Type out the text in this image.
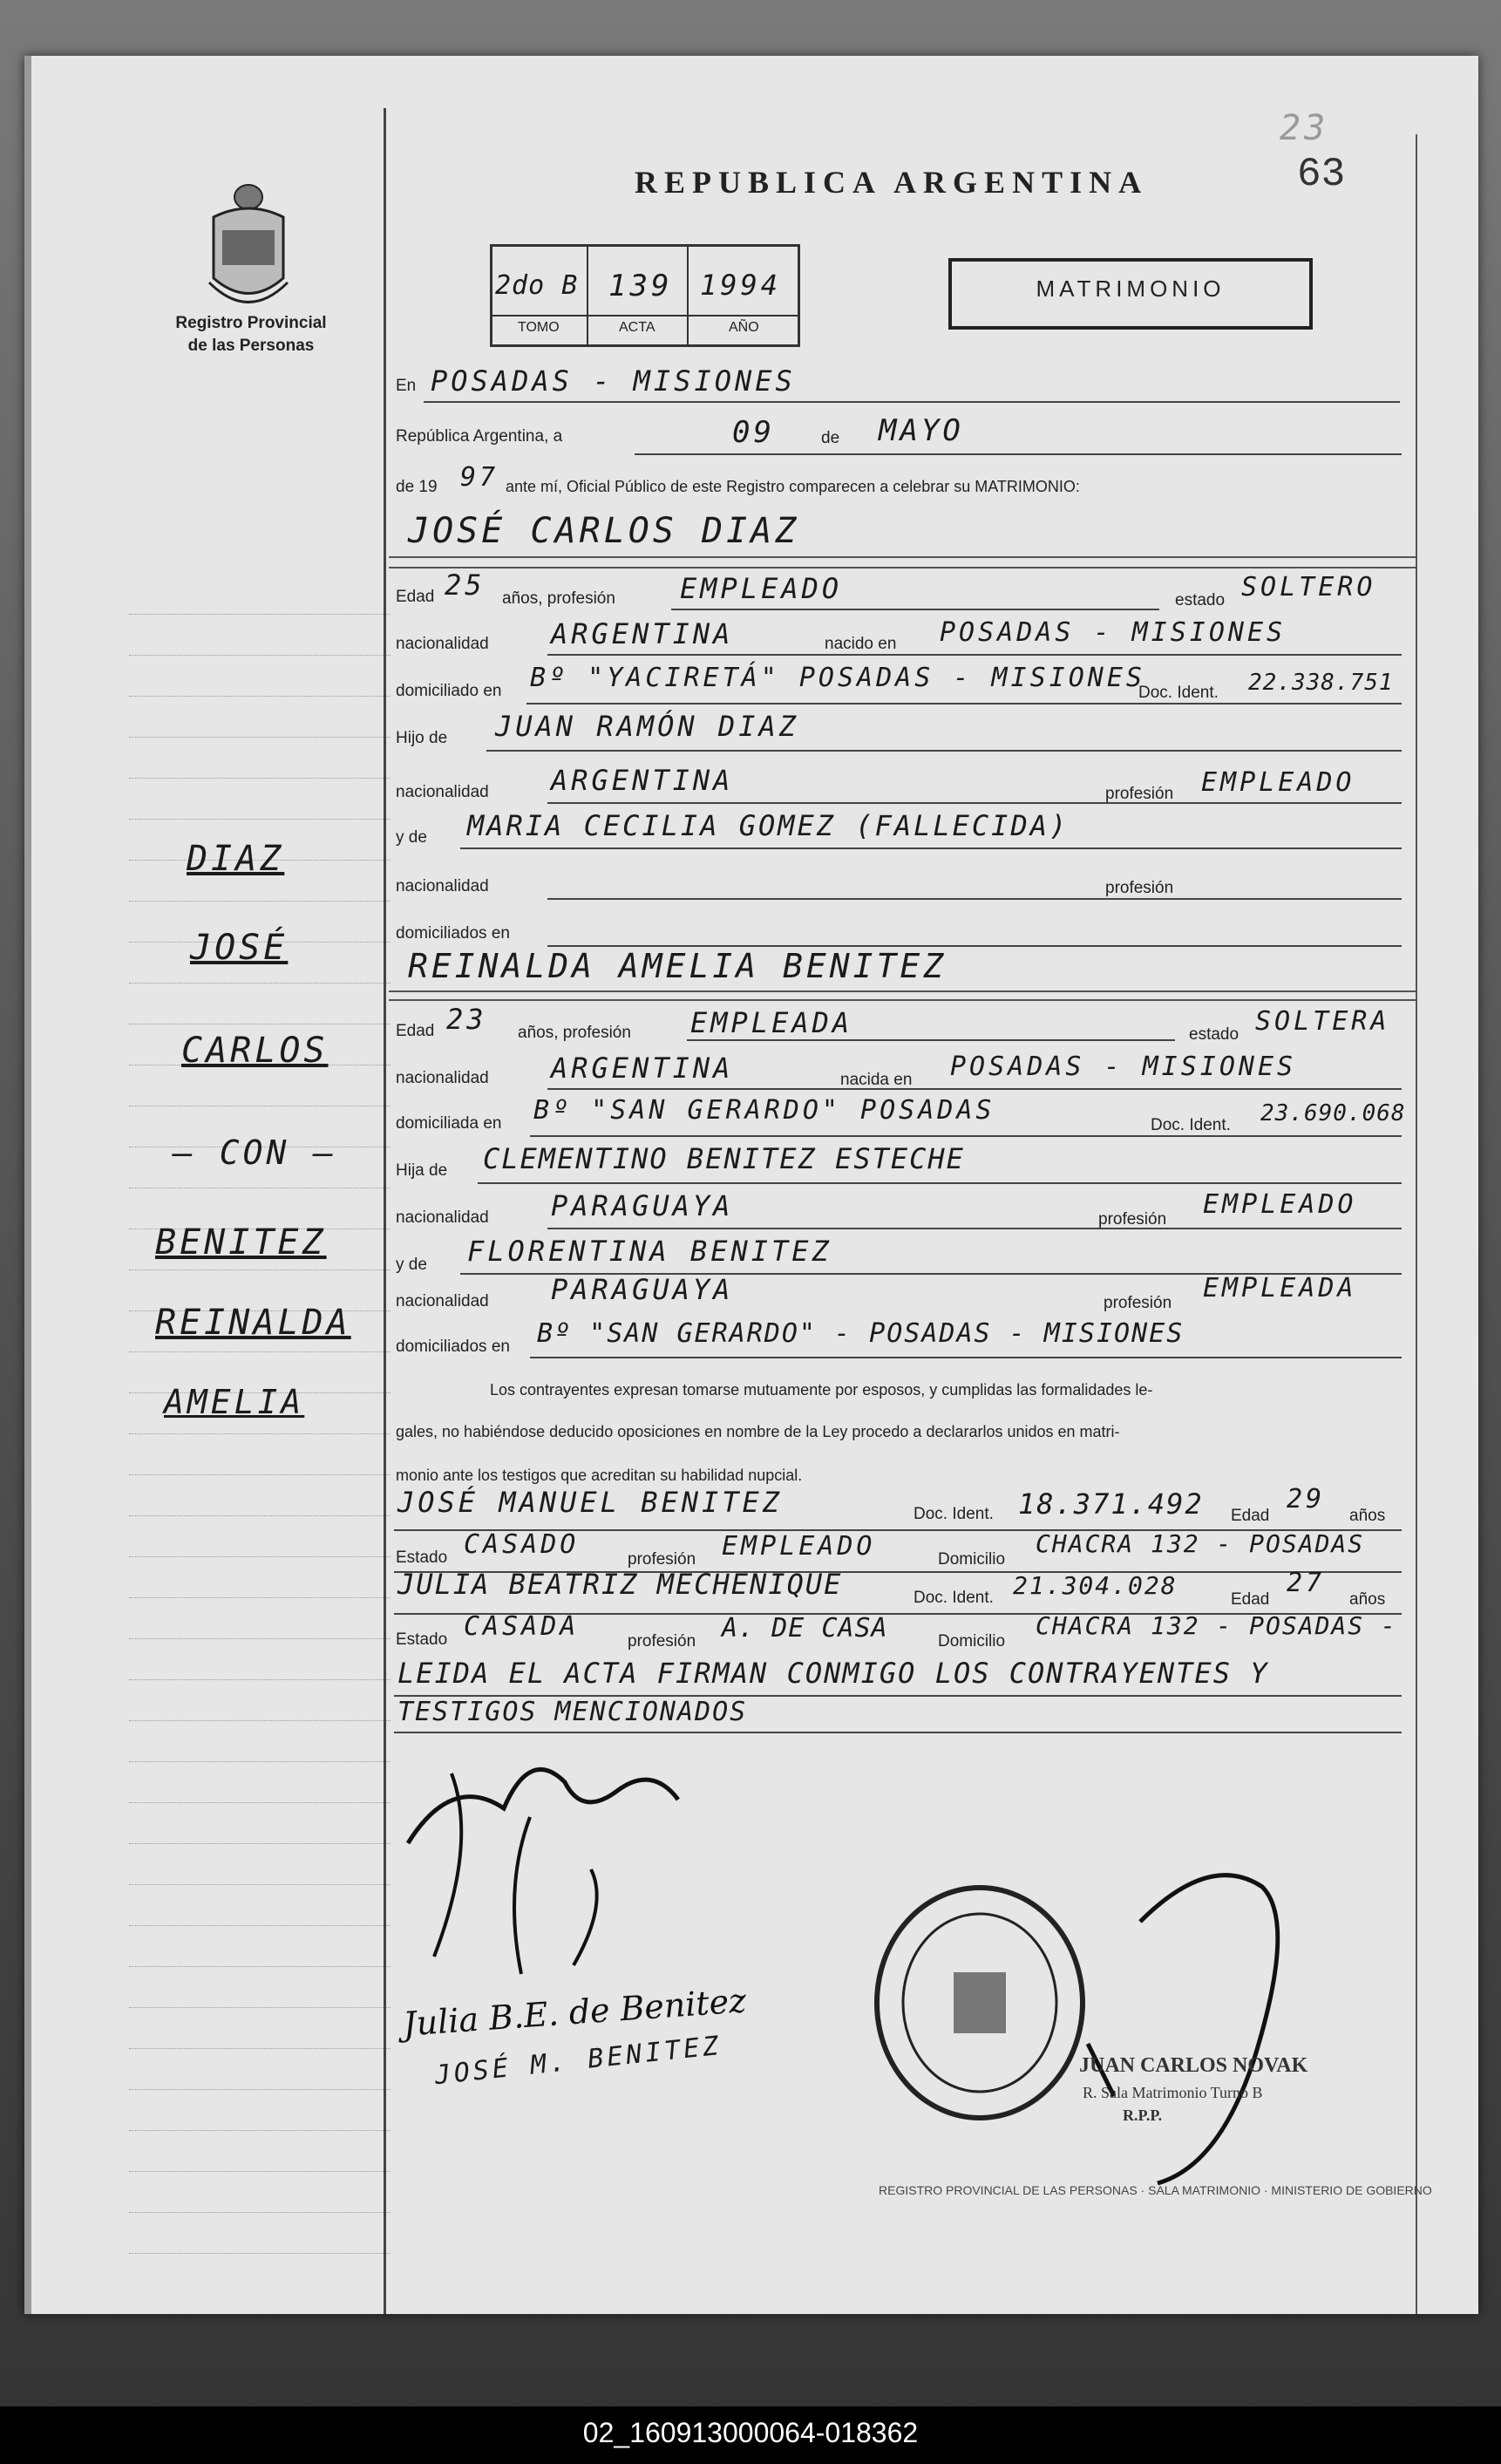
Registro Provincial
de las Personas
REPUBLICA ARGENTINA
23
63
2do B 139 1994
TOMO	ACTA	AÑO
MATRIMONIO
En POSADAS - MISIONES
República Argentina, a	09	de MAYO
de 19 97 ante mí, Oficial Público de este Registro comparecen a celebrar su MATRIMONIO:
JOSÉ CARLOS DIAZ
Edad 25 años, profesión EMPLEADO	estado SOLTERO
nacionalidad ARGENTINA	nacido en POSADAS - MISIONES
domiciliado en Bº "YACIRETÁ" POSADAS - MISIONES
Doc. Ident. 22.338.751
Hijo de JUAN RAMÓN DIAZ
nacionalidad ARGENTINA	profesión EMPLEADO
y de MARIA CECILIA GOMEZ (FALLECIDA)
nacionalidad	profesión
domiciliados en
REINALDA AMELIA BENITEZ
Edad 23 años, profesión EMPLEADA	estado SOLTERA
nacionalidad ARGENTINA	nacida en POSADAS - MISIONES
domiciliada en Bº "SAN GERARDO" POSADAS	Doc. Ident. 23.690.068
Hija de CLEMENTINO BENITEZ ESTECHE
nacionalidad PARAGUAYA	profesión EMPLEADO
y de FLORENTINA BENITEZ
nacionalidad PARAGUAYA	profesión EMPLEADA
domiciliados en Bº "SAN GERARDO" - POSADAS - MISIONES
Los contrayentes expresan tomarse mutuamente por esposos, y cumplidas las formalidades le-
gales, no habiéndose deducido oposiciones en nombre de la Ley procedo a declararlos unidos en matri-
monio ante los testigos que acreditan su habilidad nupcial.
JOSÉ MANUEL BENITEZ	Doc. Ident. 18.371.492 Edad
29
años
Estado CASADO	profesión EMPLEADO	Domicilio
CHACRA 132 - POSADAS
JULIA BEATRIZ MECHENIQUE	Doc. Ident. 21.304.028	Edad
27
años
Estado CASADA	profesión A. DE CASA	Domicilio
CHACRA 132 - POSADAS -
LEIDA EL ACTA FIRMAN CONMIGO LOS CONTRAYENTES Y
TESTIGOS MENCIONADOS
DIAZ
JOSÉ
CARLOS
— CON —
BENITEZ
REINALDA
AMELIA
Julia B.E. de Benitez
JOSÉ M. BENITEZ
REGISTRO PROVINCIAL DE LAS PERSONAS · SALA MATRIMONIO · MINISTERIO DE GOBIERNO
JUAN CARLOS NOVAK
R. Sala Matrimonio Turno B
R.P.P.
02_160913000064-018362
